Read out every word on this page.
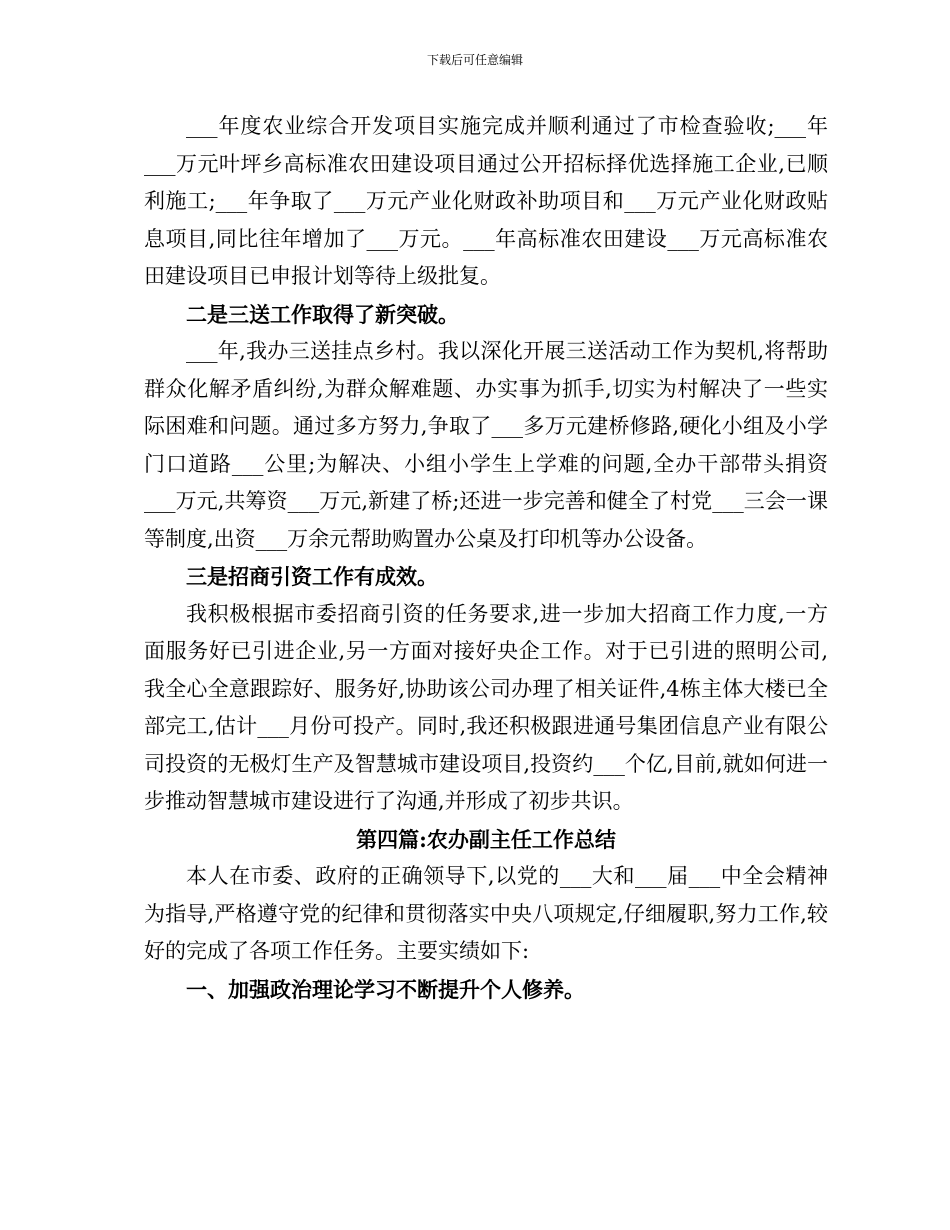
下载后可任意编辑

___年度农业综合开发项目实施完成并顺利通过了市检查验收;___年___万元叶坪乡高标准农田建设项目通过公开招标择优选择施工企业,已顺利施工;___年争取了___万元产业化财政补助项目和___万元产业化财政贴息项目,同比往年增加了___万元。___年高标准农田建设___万元高标准农田建设项目已申报计划等待上级批复。

二是三送工作取得了新突破。

___年,我办三送挂点乡村。我以深化开展三送活动工作为契机,将帮助群众化解矛盾纠纷,为群众解难题、办实事为抓手,切实为村解决了一些实际困难和问题。通过多方努力,争取了___多万元建桥修路,硬化小组及小学门口道路___公里;为解决、小组小学生上学难的问题,全办干部带头捐资___万元,共筹资___万元,新建了桥;还进一步完善和健全了村党___三会一课等制度,出资___万余元帮助购置办公桌及打印机等办公设备。

三是招商引资工作有成效。

我积极根据市委招商引资的任务要求,进一步加大招商工作力度,一方面服务好已引进企业,另一方面对接好央企工作。对于已引进的照明公司,我全心全意跟踪好、服务好,协助该公司办理了相关证件,4栋主体大楼已全部完工,估计___月份可投产。同时,我还积极跟进通号集团信息产业有限公司投资的无极灯生产及智慧城市建设项目,投资约___个亿,目前,就如何进一步推动智慧城市建设进行了沟通,并形成了初步共识。

第四篇:农办副主任工作总结

本人在市委、政府的正确领导下,以党的___大和___届___中全会精神为指导,严格遵守党的纪律和贯彻落实中央八项规定,仔细履职,努力工作,较好的完成了各项工作任务。主要实绩如下:

一、加强政治理论学习不断提升个人修养。
